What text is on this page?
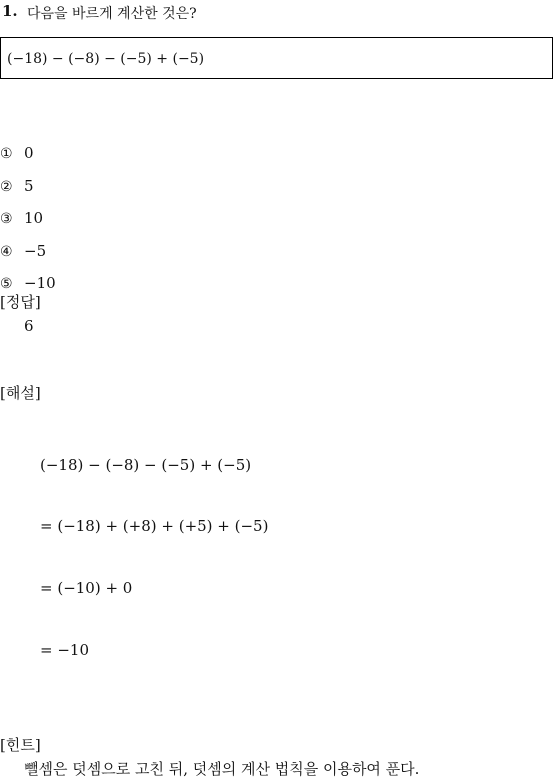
1. 다음을 바르게 계산한 것은?
(−18) − (−8) − (−5) + (−5)
① 0
② 5
③ 10
④ −5
⑤ −10
[정답]
6
[해설]
(−18) − (−8) − (−5) + (−5)
= (−18) + (+8) + (+5) + (−5)
= (−10) + 0
= −10
[힌트]
뺄셈은 덧셈으로 고친 뒤, 덧셈의 계산 법칙을 이용하여 푼다.
